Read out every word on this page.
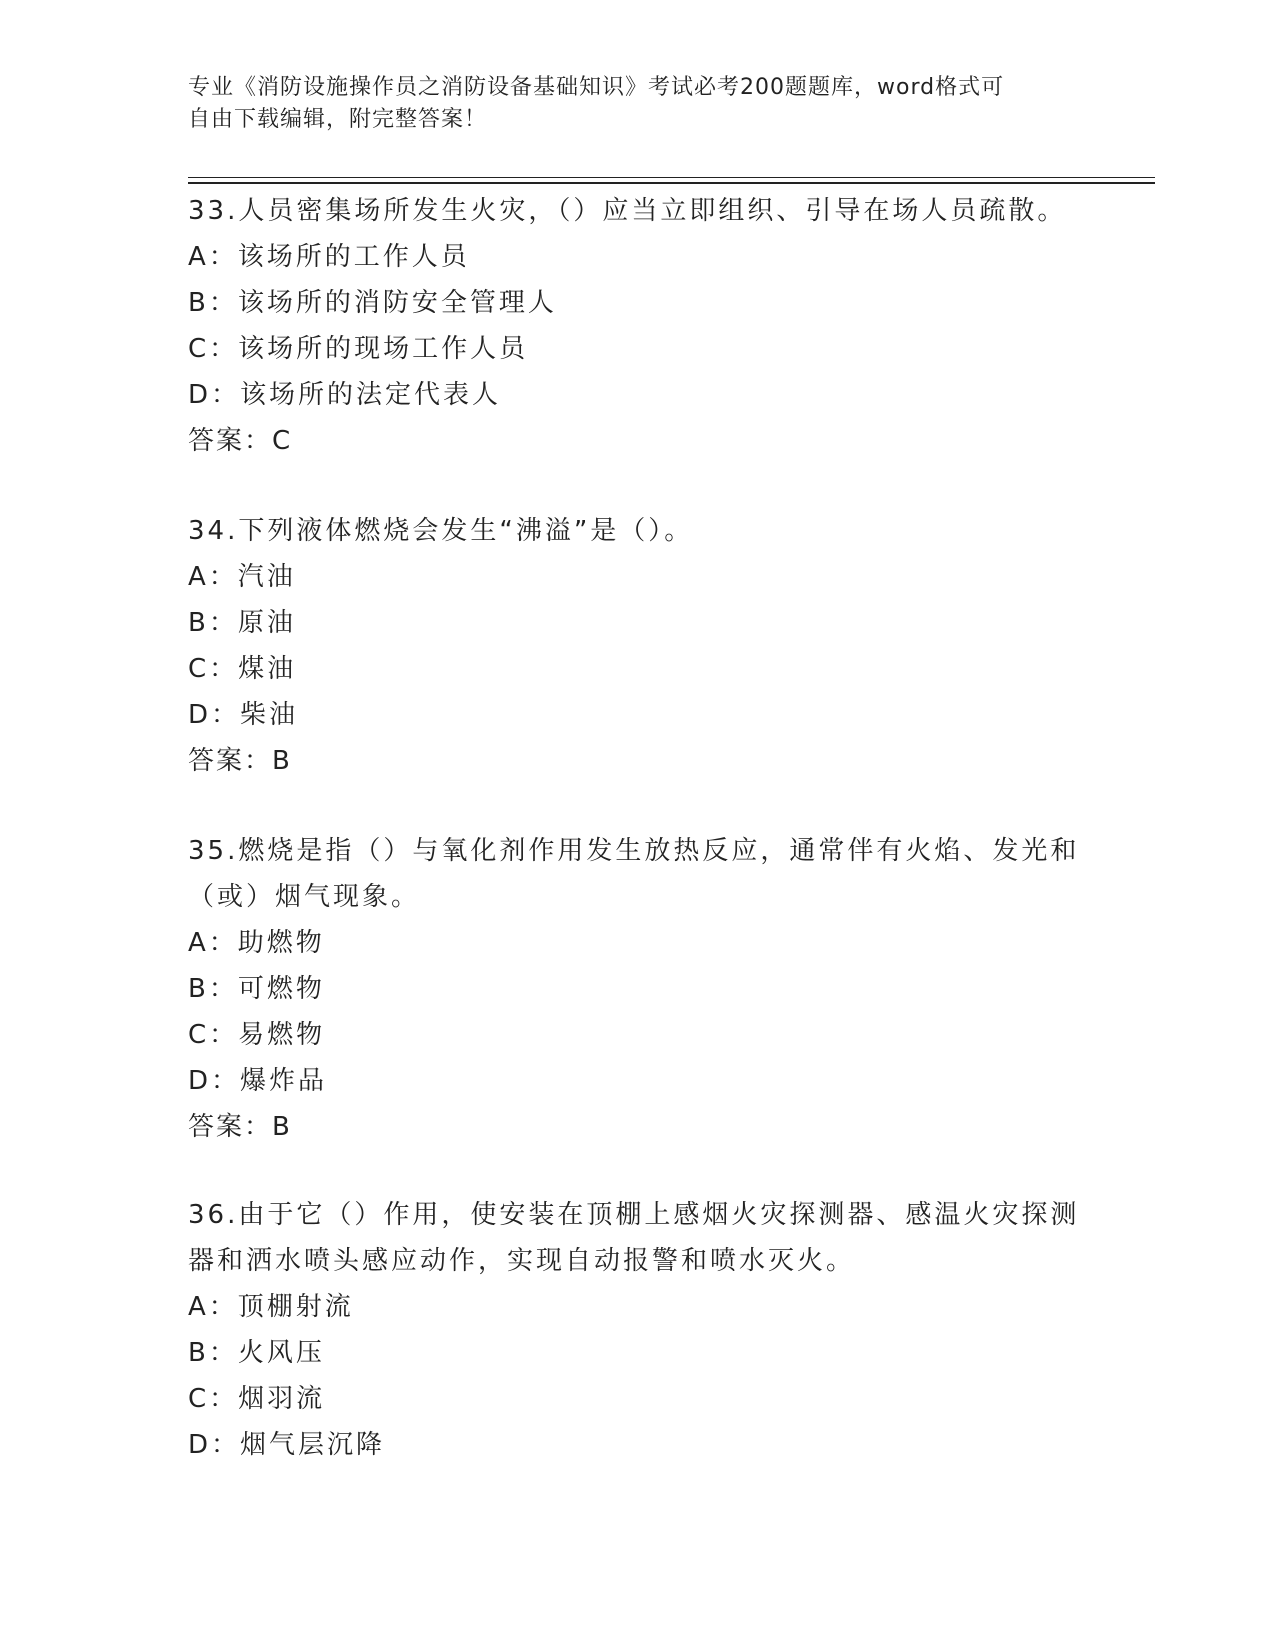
专业《消防设施操作员之消防设备基础知识》考试必考200题题库，word格式可
自由下载编辑，附完整答案！

33.人员密集场所发生火灾，（）应当立即组织、引导在场人员疏散。

A：该场所的工作人员
B：该场所的消防安全管理人
C：该场所的现场工作人员
D：该场所的法定代表人
答案：C

34.下列液体燃烧会发生“沸溢”是（）。

A：汽油
B：原油
C：煤油
D：柴油
答案：B

35.燃烧是指（）与氧化剂作用发生放热反应，通常伴有火焰、发光和（或）烟气现象。

A：助燃物
B：可燃物
C：易燃物
D：爆炸品
答案：B

36.由于它（）作用，使安装在顶棚上感烟火灾探测器、感温火灾探测器和洒水喷头感应动作，实现自动报警和喷水灭火。

A：顶棚射流
B：火风压
C：烟羽流
D：烟气层沉降
